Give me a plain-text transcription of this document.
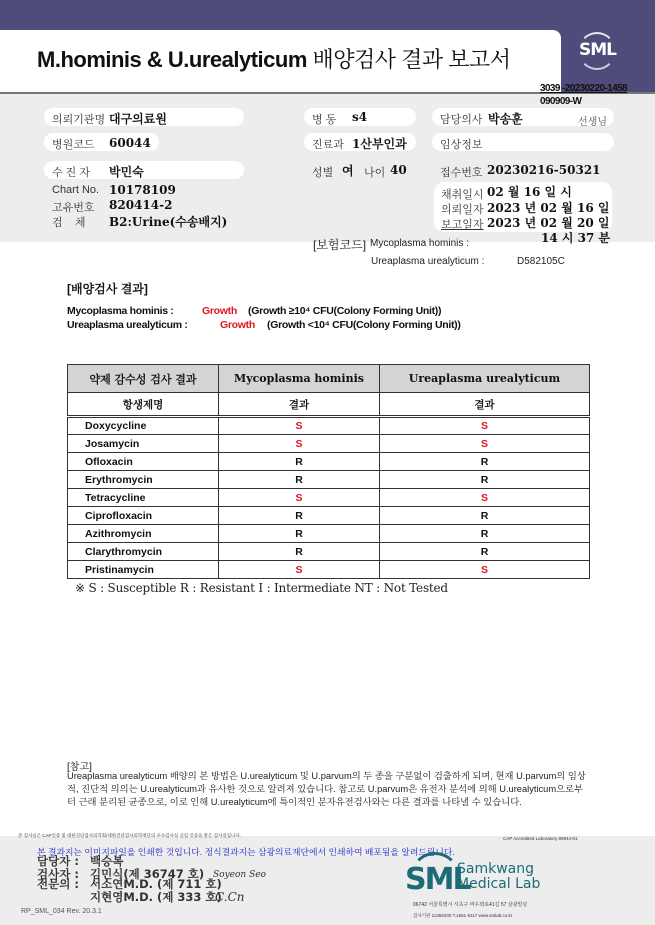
M.hominis & U.urealyticum 배양검사 결과 보고서	SML
3039 -20230220-1458
090909-W
의뢰기관명 대구의료원
병원코드 60044
수 진 자 박민숙
Chart No. 10178109
고유번호 820414-2
검    체 B2:Urine(수송배지)
병 동 s4
진료과 1산부인과
성별 여 나이 40
담당의사 박송훈	선생님
임상정보
접수번호 20230216-50321
채취일시 02 월 16 일 시
의뢰일자 2023 년 02 월 16 일
보고일자 2023 년 02 월 20 일
14 시 37 분
[보험코드] Mycoplasma hominis :
Ureaplasma urealyticum :	D582105C
[배양검사 결과]
Mycoplasma hominis :	Growth (Growth ≥10⁴ CFU(Colony Forming Unit))
Ureaplasma urealyticum :	Growth (Growth <10⁴ CFU(Colony Forming Unit))
약제 감수성 검사 결과	Mycoplasma hominis	Ureaplasma urealyticum
항생제명	결과	결과
Doxycycline	S	S
Josamycin	S	S
Ofloxacin	R	R
Erythromycin	R	R
Tetracycline	S	S
Ciprofloxacin	R	R
Azithromycin	R	R
Clarythromycin	R	R
Pristinamycin	S	S
※ S : Susceptible R : Resistant I : Intermediate NT : Not Tested
[참고]
Ureaplasma urealyticum 배양의 본 방법은 U.urealyticum 및 U.parvum의 두 종을 구분없이 검출하게 되며, 현재 U.parvum의 임상적, 진단적 의의는 U.urealyticum과 유사한 것으로 알려져 있습니다. 참고로 U.parvum은 유전자 분석에 의해 U.urealyticum으로부터 근래 분리된 균종으로, 이로 인해 U.urealyticum에 특이적인 분자유전검사와는 다른 결과를 나타낼 수 있습니다.
본 검사실은 CAP인증 및 대한진단검사의학회/대한진단검사의학재단의 우수검사실 신임 인증을 받은 검사실입니다.
CAP Accredited Laboratory 89944-01
본 결과지는 이미지파일을 인쇄한 것입니다. 정식결과지는 삼광의료재단에서 인쇄하여 배포됨을 알려드립니다.
담당자 : 백승복
검사자 : 김민식(제 36747 호)
전문의 : 서소연M.D. (제 711 호)
지현영M.D. (제 333 호)
Soyeon Seo
C.Cn
RP_SML_034 Rev. 20.3.1
SML
Samkwang
Medical Lab
06742 서울특별시 서초구 바우뫼로41길 57 삼광빌딩
검사기관 11365200 T.1661-5117 www.smlab.co.kr
